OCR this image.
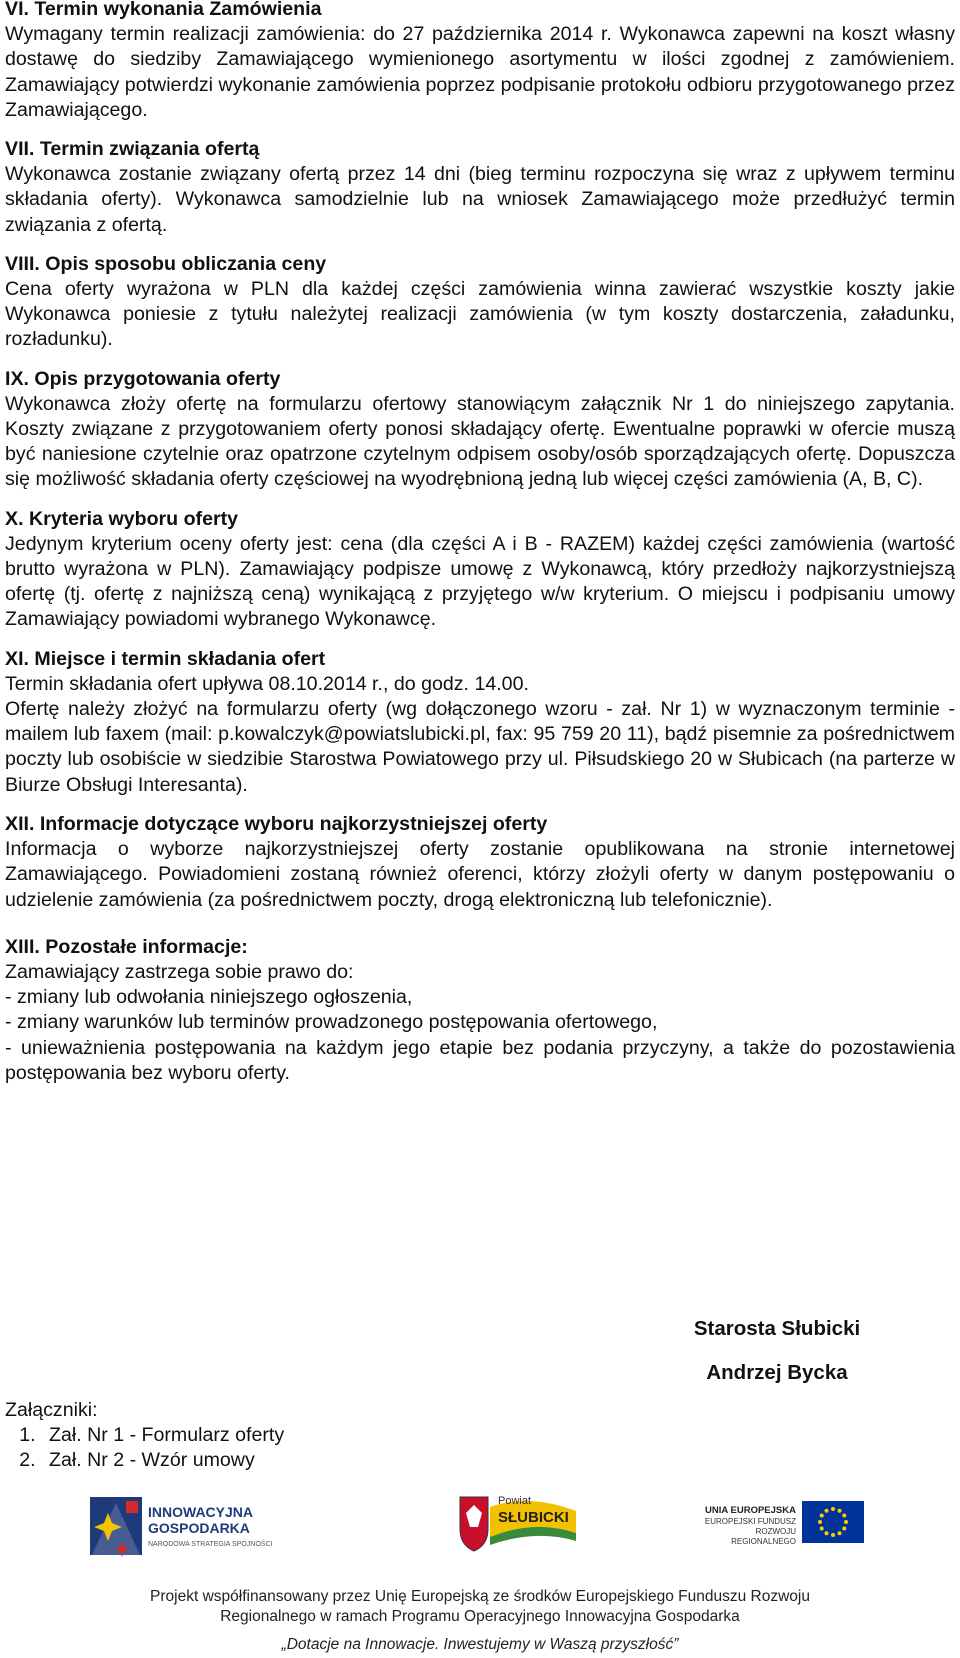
VI. Termin wykonania Zamówienia

Wymagany termin realizacji zamówienia: do 27 października 2014 r. Wykonawca zapewni na koszt własny dostawę do siedziby Zamawiającego wymienionego asortymentu w ilości zgodnej z zamówieniem. Zamawiający potwierdzi wykonanie zamówienia poprzez podpisanie protokołu odbioru przygotowanego przez Zamawiającego.

VII. Termin związania ofertą

Wykonawca zostanie związany ofertą przez 14 dni (bieg terminu rozpoczyna się wraz z upływem terminu składania oferty). Wykonawca samodzielnie lub na wniosek Zamawiającego może przedłużyć termin związania z ofertą.

VIII. Opis sposobu obliczania ceny

Cena oferty wyrażona w PLN dla każdej części zamówienia winna zawierać wszystkie koszty jakie Wykonawca poniesie z tytułu należytej realizacji zamówienia (w tym koszty dostarczenia, załadunku, rozładunku).

IX. Opis przygotowania oferty

Wykonawca złoży ofertę na formularzu ofertowy stanowiącym załącznik Nr 1 do niniejszego zapytania. Koszty związane z przygotowaniem oferty ponosi składający ofertę. Ewentualne poprawki w ofercie muszą być naniesione czytelnie oraz opatrzone czytelnym odpisem osoby/osób sporządzających ofertę. Dopuszcza się możliwość składania oferty częściowej na wyodrębnioną jedną lub więcej części zamówienia (A, B, C).

X. Kryteria wyboru oferty

Jedynym kryterium oceny oferty jest: cena (dla części A i B - RAZEM) każdej części zamówienia (wartość brutto wyrażona w PLN). Zamawiający podpisze umowę z Wykonawcą, który przedłoży najkorzystniejszą ofertę (tj. ofertę z najniższą ceną) wynikającą z przyjętego w/w kryterium. O miejscu i podpisaniu umowy Zamawiający powiadomi wybranego Wykonawcę.

XI. Miejsce i termin składania ofert

Termin składania ofert upływa 08.10.2014 r., do godz. 14.00.

Ofertę należy złożyć na formularzu oferty (wg dołączonego wzoru - zał. Nr 1) w wyznaczonym terminie - mailem lub faxem (mail: p.kowalczyk@powiatslubicki.pl, fax: 95 759 20 11), bądź pisemnie za pośrednictwem poczty lub osobiście w siedzibie Starostwa Powiatowego przy ul. Piłsudskiego 20 w Słubicach (na parterze w Biurze Obsługi Interesanta).

XII. Informacje dotyczące wyboru najkorzystniejszej oferty

Informacja o wyborze najkorzystniejszej oferty zostanie opublikowana na stronie internetowej Zamawiającego. Powiadomieni zostaną również oferenci, którzy złożyli oferty w danym postępowaniu o udzielenie zamówienia (za pośrednictwem poczty, drogą elektroniczną lub telefonicznie).

XIII. Pozostałe informacje:

Zamawiający zastrzega sobie prawo do:

- zmiany lub odwołania niniejszego ogłoszenia,

- zmiany warunków lub terminów prowadzonego postępowania ofertowego,

- unieważnienia postępowania na każdym jego etapie bez podania przyczyny, a także do pozostawienia postępowania bez wyboru oferty.

Starosta Słubicki
Andrzej Bycka
Załączniki:
1. Zał. Nr 1 - Formularz oferty
2. Zał. Nr 2 - Wzór umowy
INNOWACYJNA
GOSPODARKA
NARODOWA STRATEGIA SPÓJNOŚCI
Powiat
SŁUBICKI	UNIA EUROPEJSKA
EUROPEJSKI FUNDUSZ
ROZWOJU REGIONALNEGO
Projekt współfinansowany przez Unię Europejską ze środków Europejskiego Funduszu Rozwoju
Regionalnego w ramach Programu Operacyjnego Innowacyjna Gospodarka
„Dotacje na Innowacje. Inwestujemy w Waszą przyszłość”
